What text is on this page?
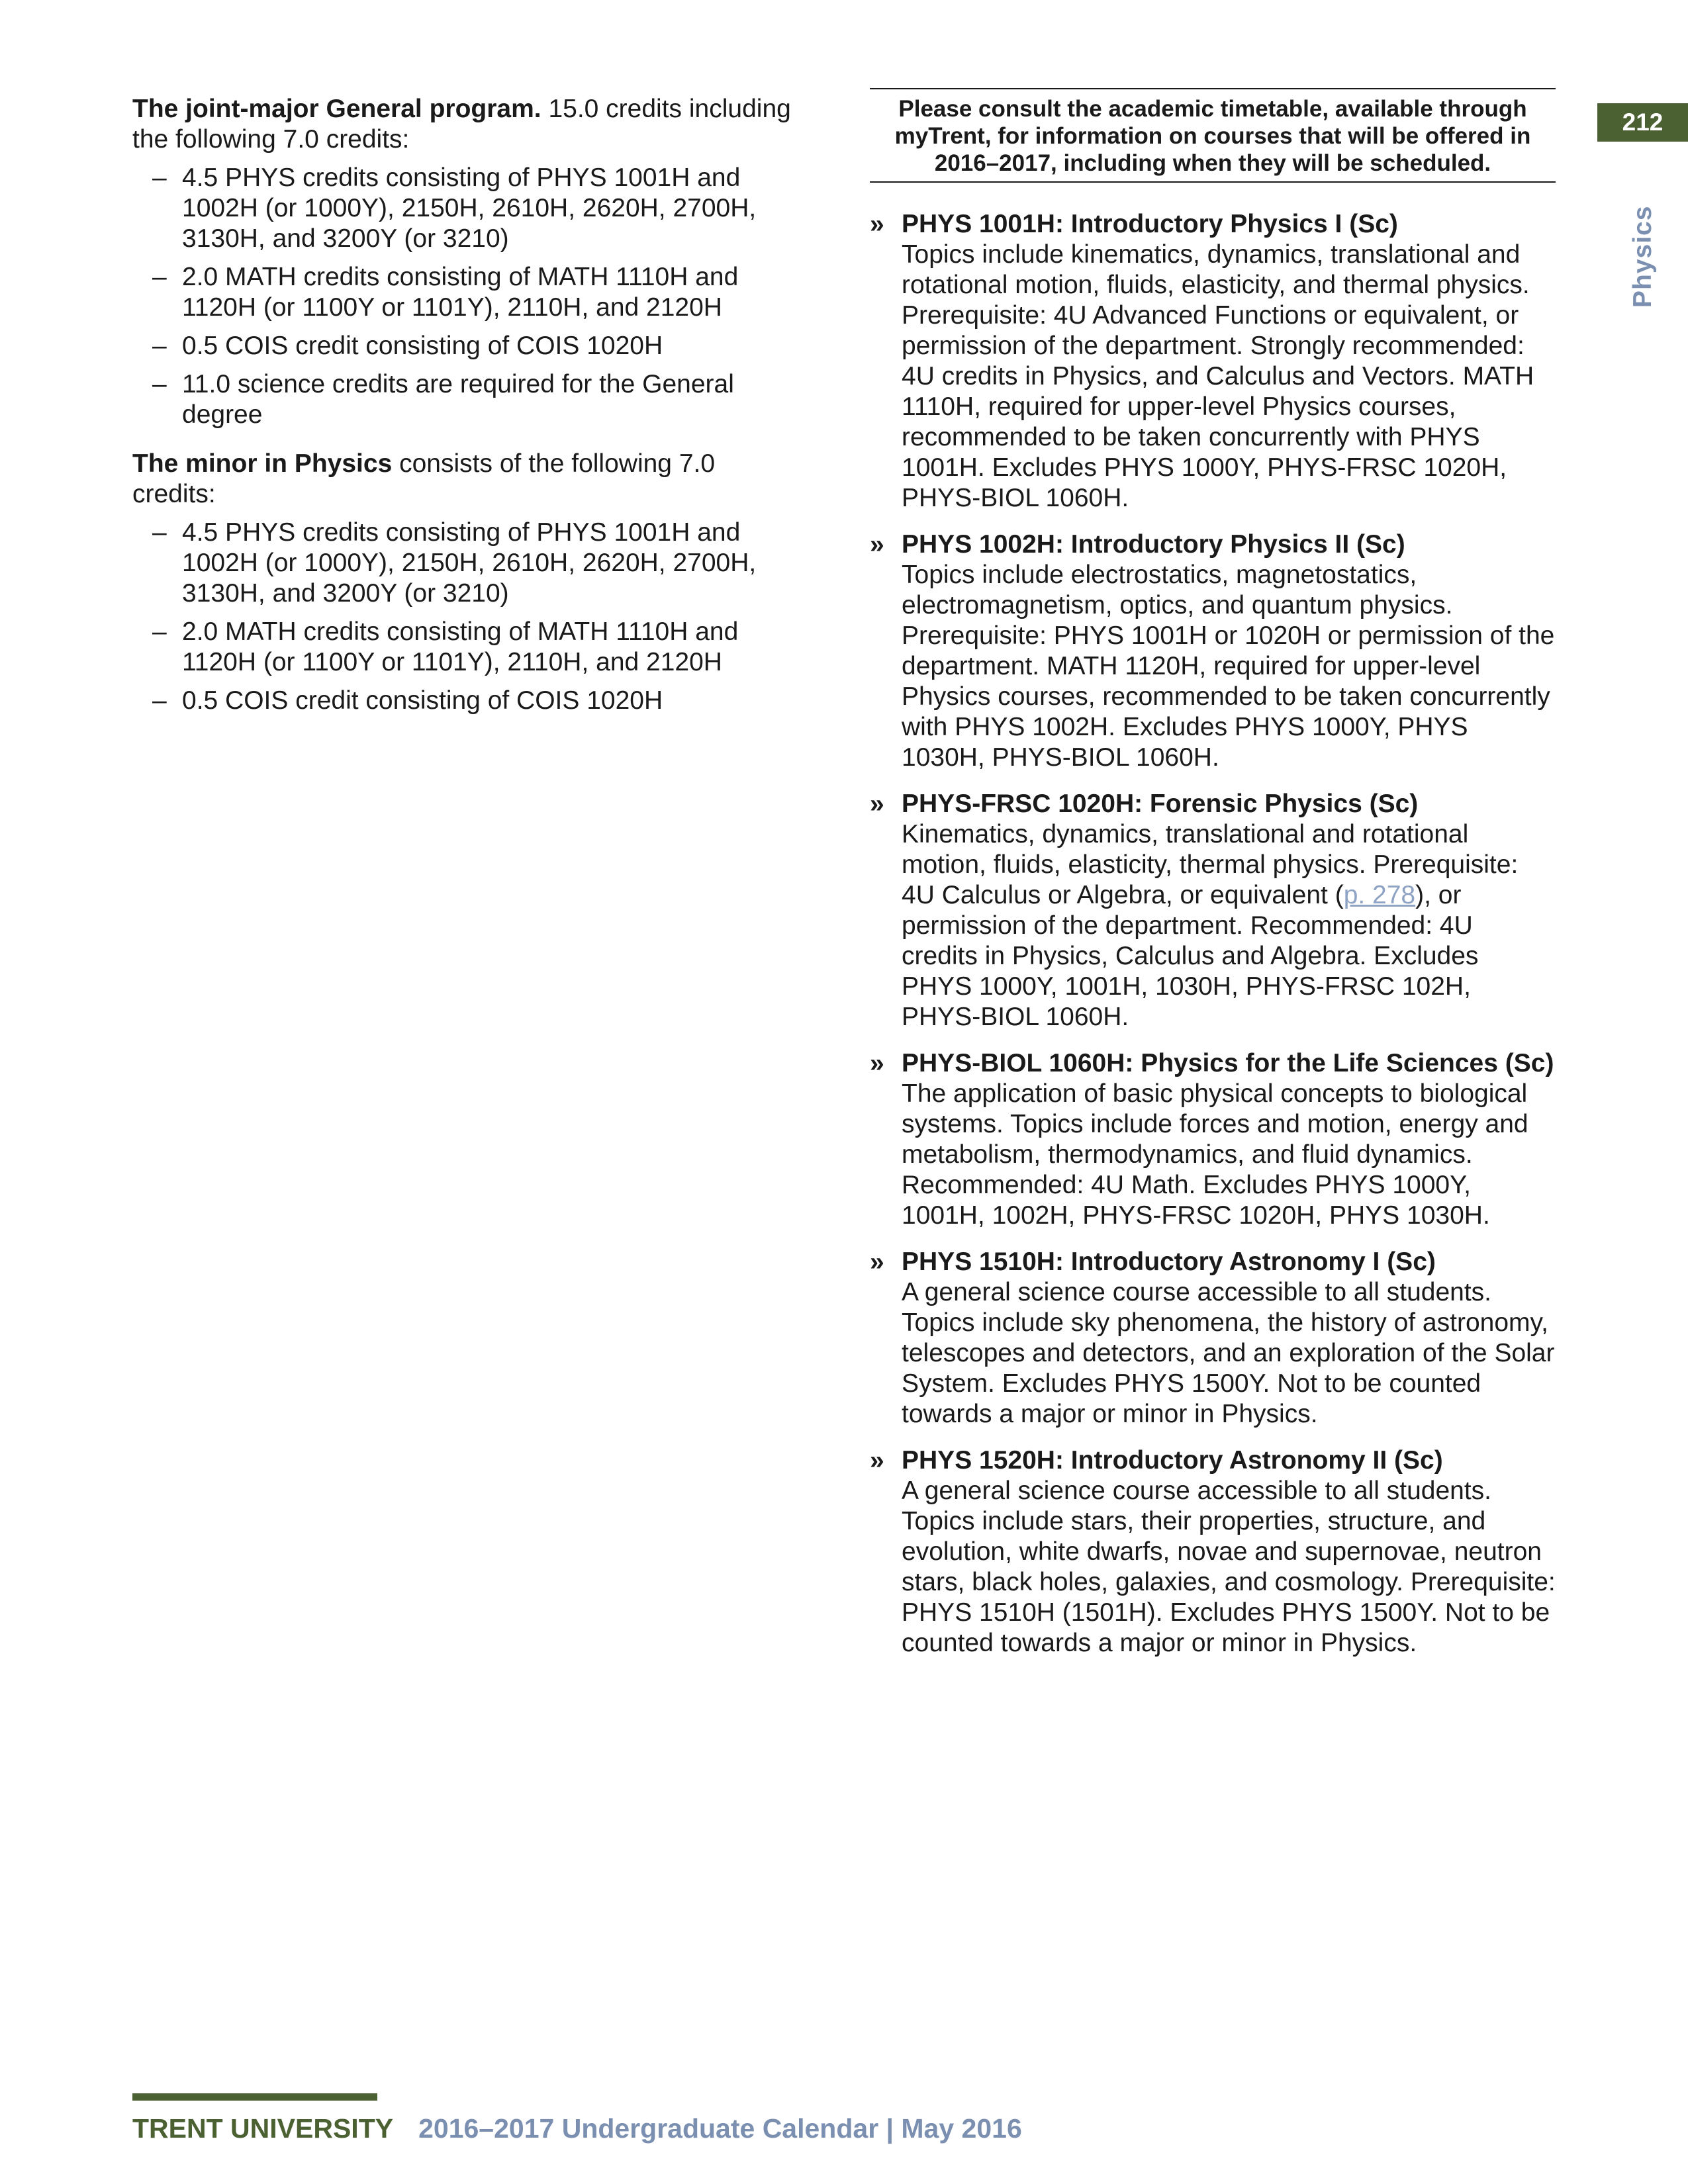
212
Physics

The joint-major General program. 15.0 credits including the following 7.0 credits:

– 4.5 PHYS credits consisting of PHYS 1001H and 1002H (or 1000Y), 2150H, 2610H, 2620H, 2700H, 3130H, and 3200Y (or 3210)
– 2.0 MATH credits consisting of MATH 1110H and 1120H (or 1100Y or 1101Y), 2110H, and 2120H
– 0.5 COIS credit consisting of COIS 1020H
– 11.0 science credits are required for the General degree

The minor in Physics consists of the following 7.0 credits:

– 4.5 PHYS credits consisting of PHYS 1001H and 1002H (or 1000Y), 2150H, 2610H, 2620H, 2700H, 3130H, and 3200Y (or 3210)
– 2.0 MATH credits consisting of MATH 1110H and 1120H (or 1100Y or 1101Y), 2110H, and 2120H
– 0.5 COIS credit consisting of COIS 1020H
Please consult the academic timetable, available through myTrent, for information on courses that will be offered in 2016–2017, including when they will be scheduled.
» PHYS 1001H: Introductory Physics I (Sc)
Topics include kinematics, dynamics, translational and rotational motion, fluids, elasticity, and thermal physics. Prerequisite: 4U Advanced Functions or equivalent, or permission of the department. Strongly recommended: 4U credits in Physics, and Calculus and Vectors. MATH 1110H, required for upper-level Physics courses, recommended to be taken concurrently with PHYS 1001H. Excludes PHYS 1000Y, PHYS-FRSC 1020H, PHYS-BIOL 1060H.
» PHYS 1002H: Introductory Physics II (Sc)
Topics include electrostatics, magnetostatics, electromagnetism, optics, and quantum physics. Prerequisite: PHYS 1001H or 1020H or permission of the department. MATH 1120H, required for upper-level Physics courses, recommended to be taken concurrently with PHYS 1002H. Excludes PHYS 1000Y, PHYS 1030H, PHYS-BIOL 1060H.
» PHYS-FRSC 1020H: Forensic Physics (Sc)
Kinematics, dynamics, translational and rotational motion, fluids, elasticity, thermal physics. Prerequisite: 4U Calculus or Algebra, or equivalent (p. 278), or permission of the department. Recommended: 4U credits in Physics, Calculus and Algebra. Excludes PHYS 1000Y, 1001H, 1030H, PHYS-FRSC 102H, PHYS-BIOL 1060H.
» PHYS-BIOL 1060H: Physics for the Life Sciences (Sc)
The application of basic physical concepts to biological systems. Topics include forces and motion, energy and metabolism, thermodynamics, and fluid dynamics. Recommended: 4U Math. Excludes PHYS 1000Y, 1001H, 1002H, PHYS-FRSC 1020H, PHYS 1030H.
» PHYS 1510H: Introductory Astronomy I (Sc)
A general science course accessible to all students. Topics include sky phenomena, the history of astronomy, telescopes and detectors, and an exploration of the Solar System. Excludes PHYS 1500Y. Not to be counted towards a major or minor in Physics.
» PHYS 1520H: Introductory Astronomy II (Sc)
A general science course accessible to all students. Topics include stars, their properties, structure, and evolution, white dwarfs, novae and supernovae, neutron stars, black holes, galaxies, and cosmology. Prerequisite: PHYS 1510H (1501H). Excludes PHYS 1500Y. Not to be counted towards a major or minor in Physics.
TRENT UNIVERSITY 2016–2017 Undergraduate Calendar | May 2016
